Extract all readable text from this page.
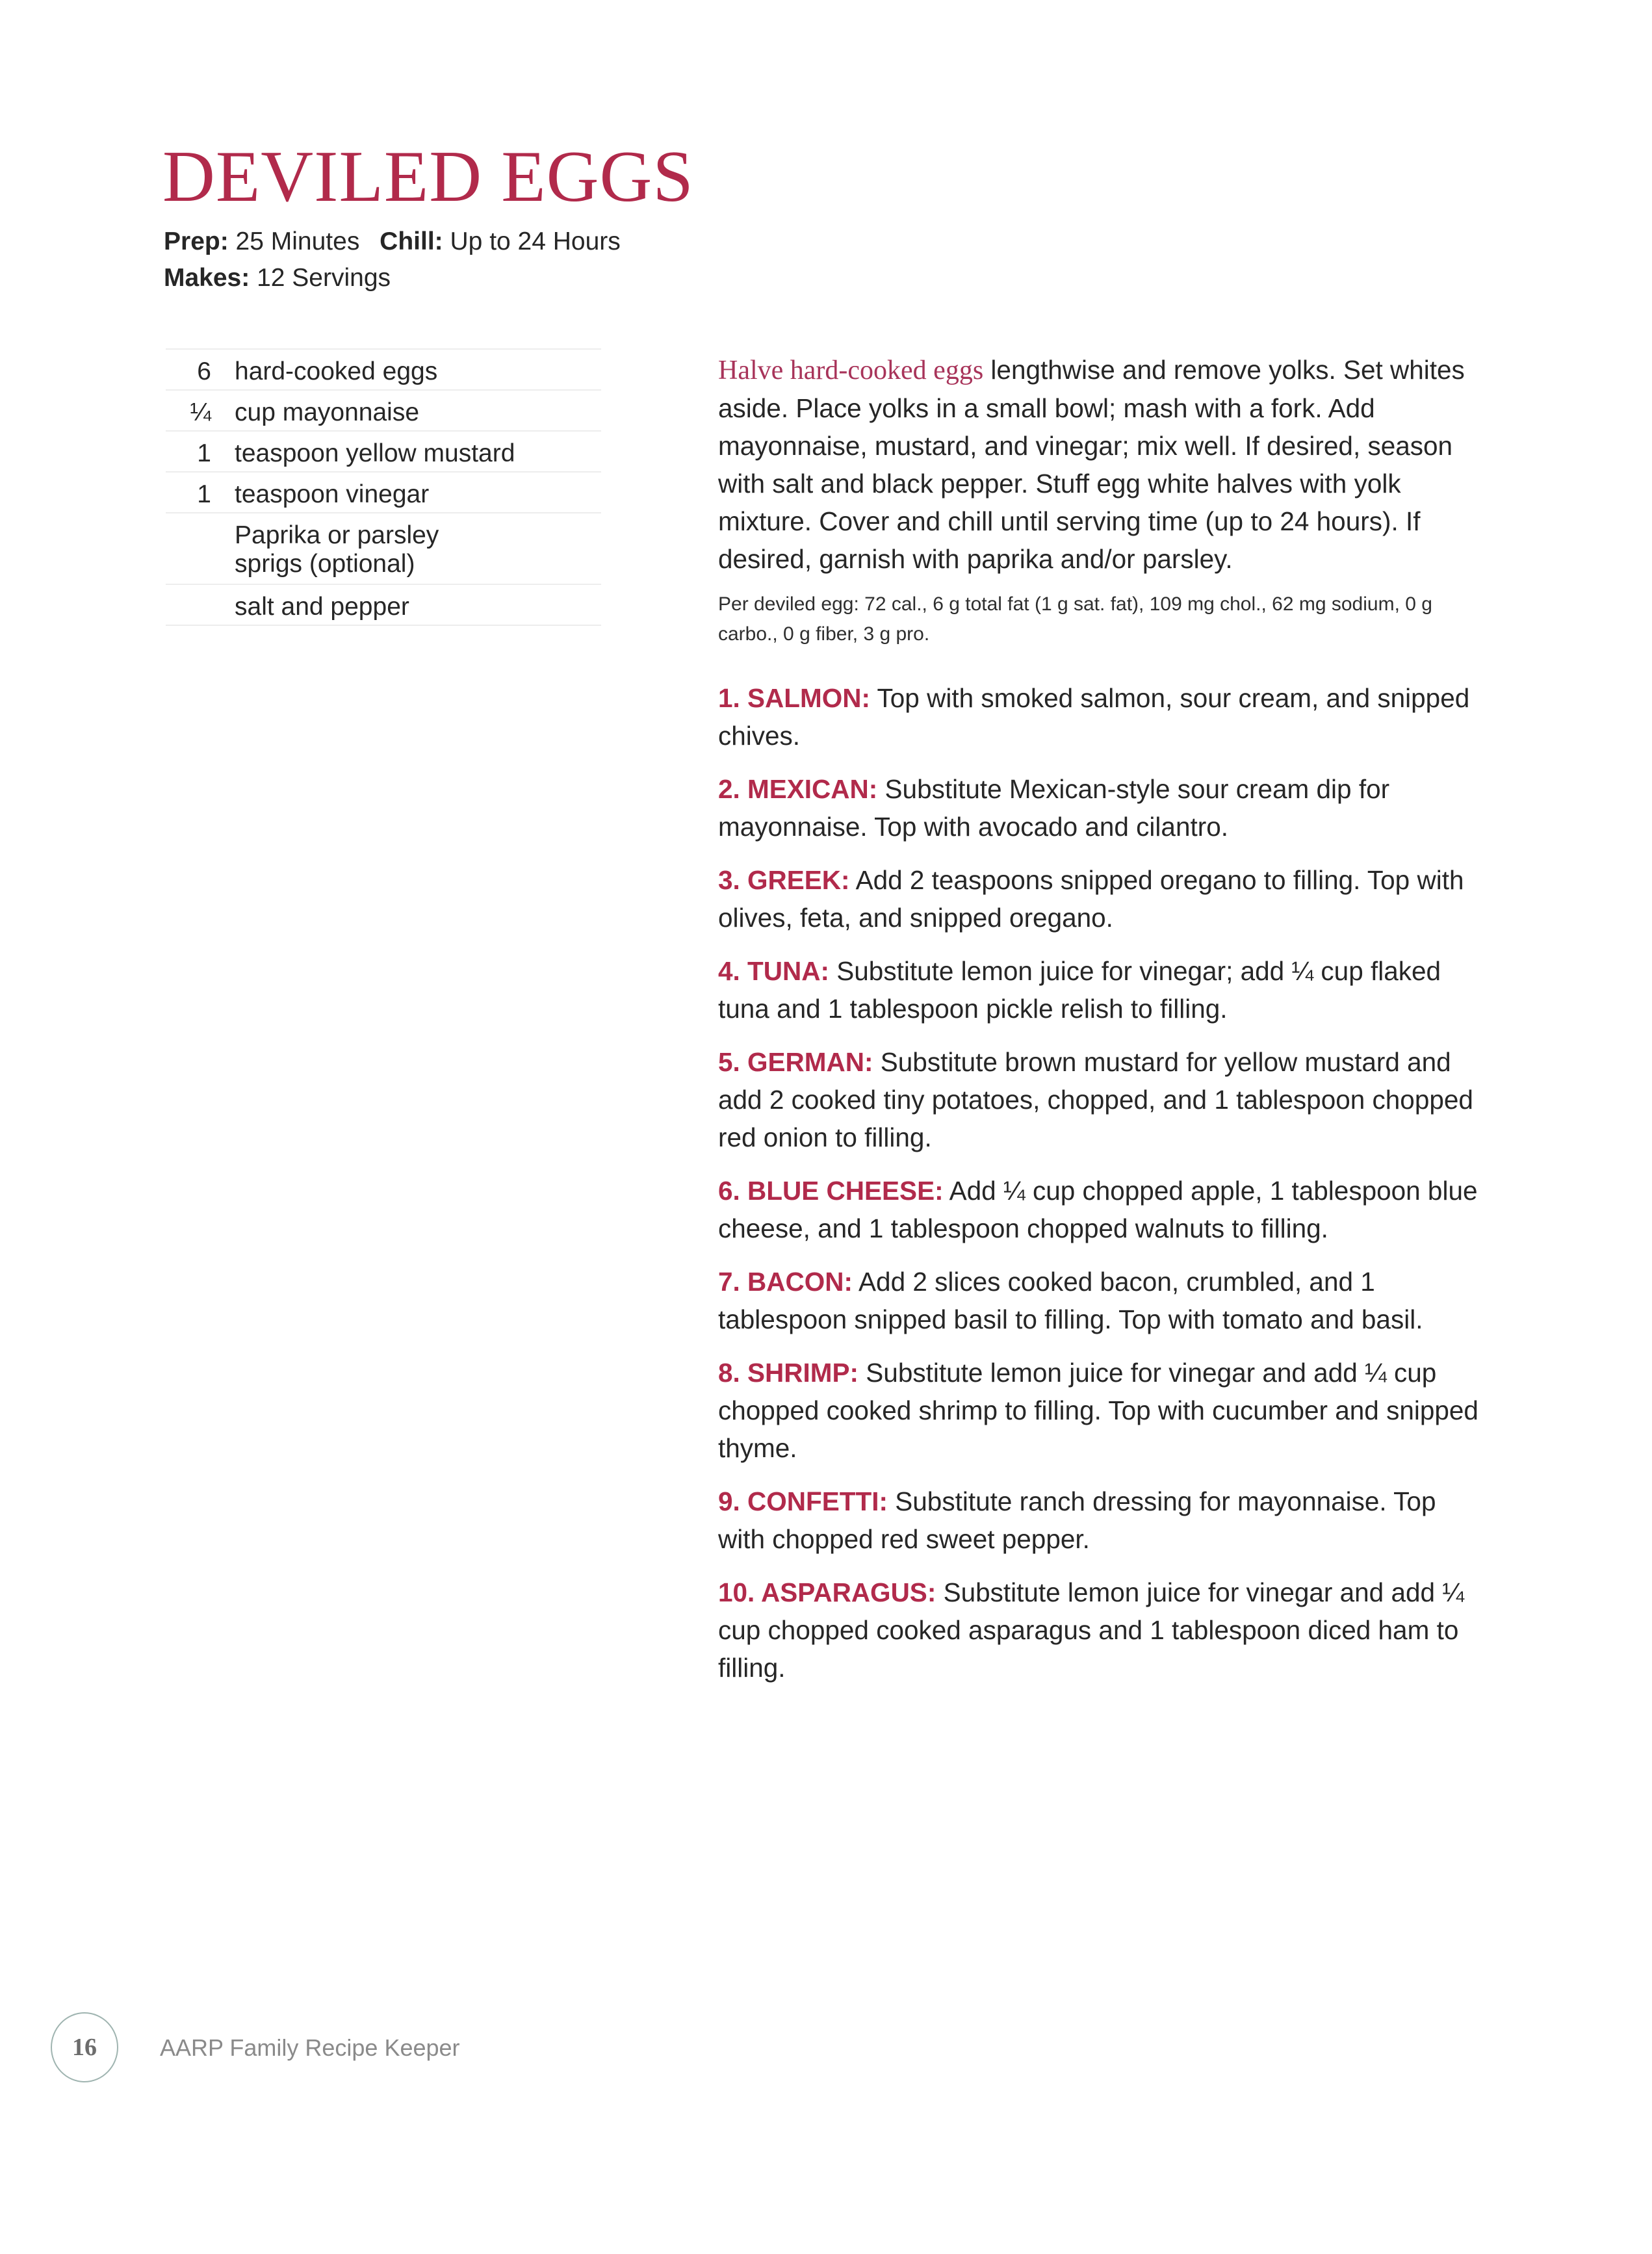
DEVILED EGGS
Prep: 25 Minutes Chill: Up to 24 Hours
Makes: 12 Servings
6 hard-cooked eggs
¼ cup mayonnaise
1 teaspoon yellow mustard
1 teaspoon vinegar
Paprika or parsley sprigs (optional)
salt and pepper

Halve hard-cooked eggs lengthwise and remove yolks. Set whites aside. Place yolks in a small bowl; mash with a fork. Add mayonnaise, mustard, and vinegar; mix well. If desired, season with salt and black pepper. Stuff egg white halves with yolk mixture. Cover and chill until serving time (up to 24 hours). If desired, garnish with paprika and/or parsley.

Per deviled egg: 72 cal., 6 g total fat (1 g sat. fat), 109 mg chol., 62 mg sodium, 0 g carbo., 0 g fiber, 3 g pro.

1. SALMON: Top with smoked salmon, sour cream, and snipped chives.
2. MEXICAN: Substitute Mexican-style sour cream dip for mayonnaise. Top with avocado and cilantro.
3. GREEK: Add 2 teaspoons snipped oregano to filling. Top with olives, feta, and snipped oregano.
4. TUNA: Substitute lemon juice for vinegar; add ¼ cup flaked tuna and 1 tablespoon pickle relish to filling.
5. GERMAN: Substitute brown mustard for yellow mustard and add 2 cooked tiny potatoes, chopped, and 1 tablespoon chopped red onion to filling.
6. BLUE CHEESE: Add ¼ cup chopped apple, 1 tablespoon blue cheese, and 1 tablespoon chopped walnuts to filling.
7. BACON: Add 2 slices cooked bacon, crumbled, and 1 tablespoon snipped basil to filling. Top with tomato and basil.
8. SHRIMP: Substitute lemon juice for vinegar and add ¼ cup chopped cooked shrimp to filling. Top with cucumber and snipped thyme.
9. CONFETTI: Substitute ranch dressing for mayonnaise. Top with chopped red sweet pepper.
10. ASPARAGUS: Substitute lemon juice for vinegar and add ¼ cup chopped cooked asparagus and 1 tablespoon diced ham to filling.
16	AARP Family Recipe Keeper
